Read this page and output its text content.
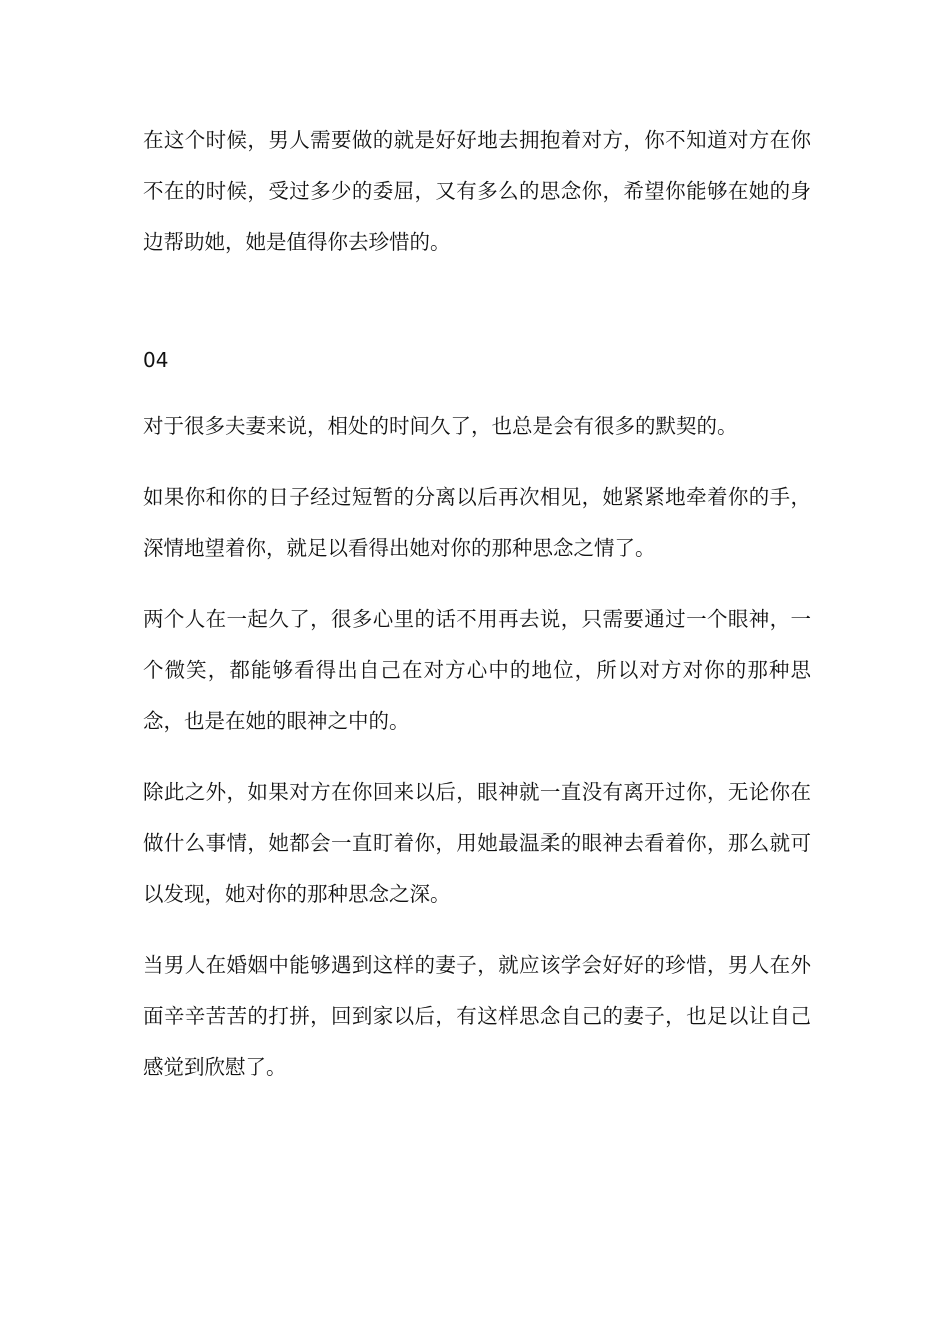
在这个时候，男人需要做的就是好好地去拥抱着对方，你不知道对方在你不在的时候，受过多少的委屈，又有多么的思念你，希望你能够在她的身边帮助她，她是值得你去珍惜的。

04

对于很多夫妻来说，相处的时间久了，也总是会有很多的默契的。

如果你和你的日子经过短暂的分离以后再次相见，她紧紧地牵着你的手，深情地望着你，就足以看得出她对你的那种思念之情了。

两个人在一起久了，很多心里的话不用再去说，只需要通过一个眼神，一个微笑，都能够看得出自己在对方心中的地位，所以对方对你的那种思念，也是在她的眼神之中的。

除此之外，如果对方在你回来以后，眼神就一直没有离开过你，无论你在做什么事情，她都会一直盯着你，用她最温柔的眼神去看着你，那么就可以发现，她对你的那种思念之深。

当男人在婚姻中能够遇到这样的妻子，就应该学会好好的珍惜，男人在外面辛辛苦苦的打拼，回到家以后，有这样思念自己的妻子，也足以让自己感觉到欣慰了。
